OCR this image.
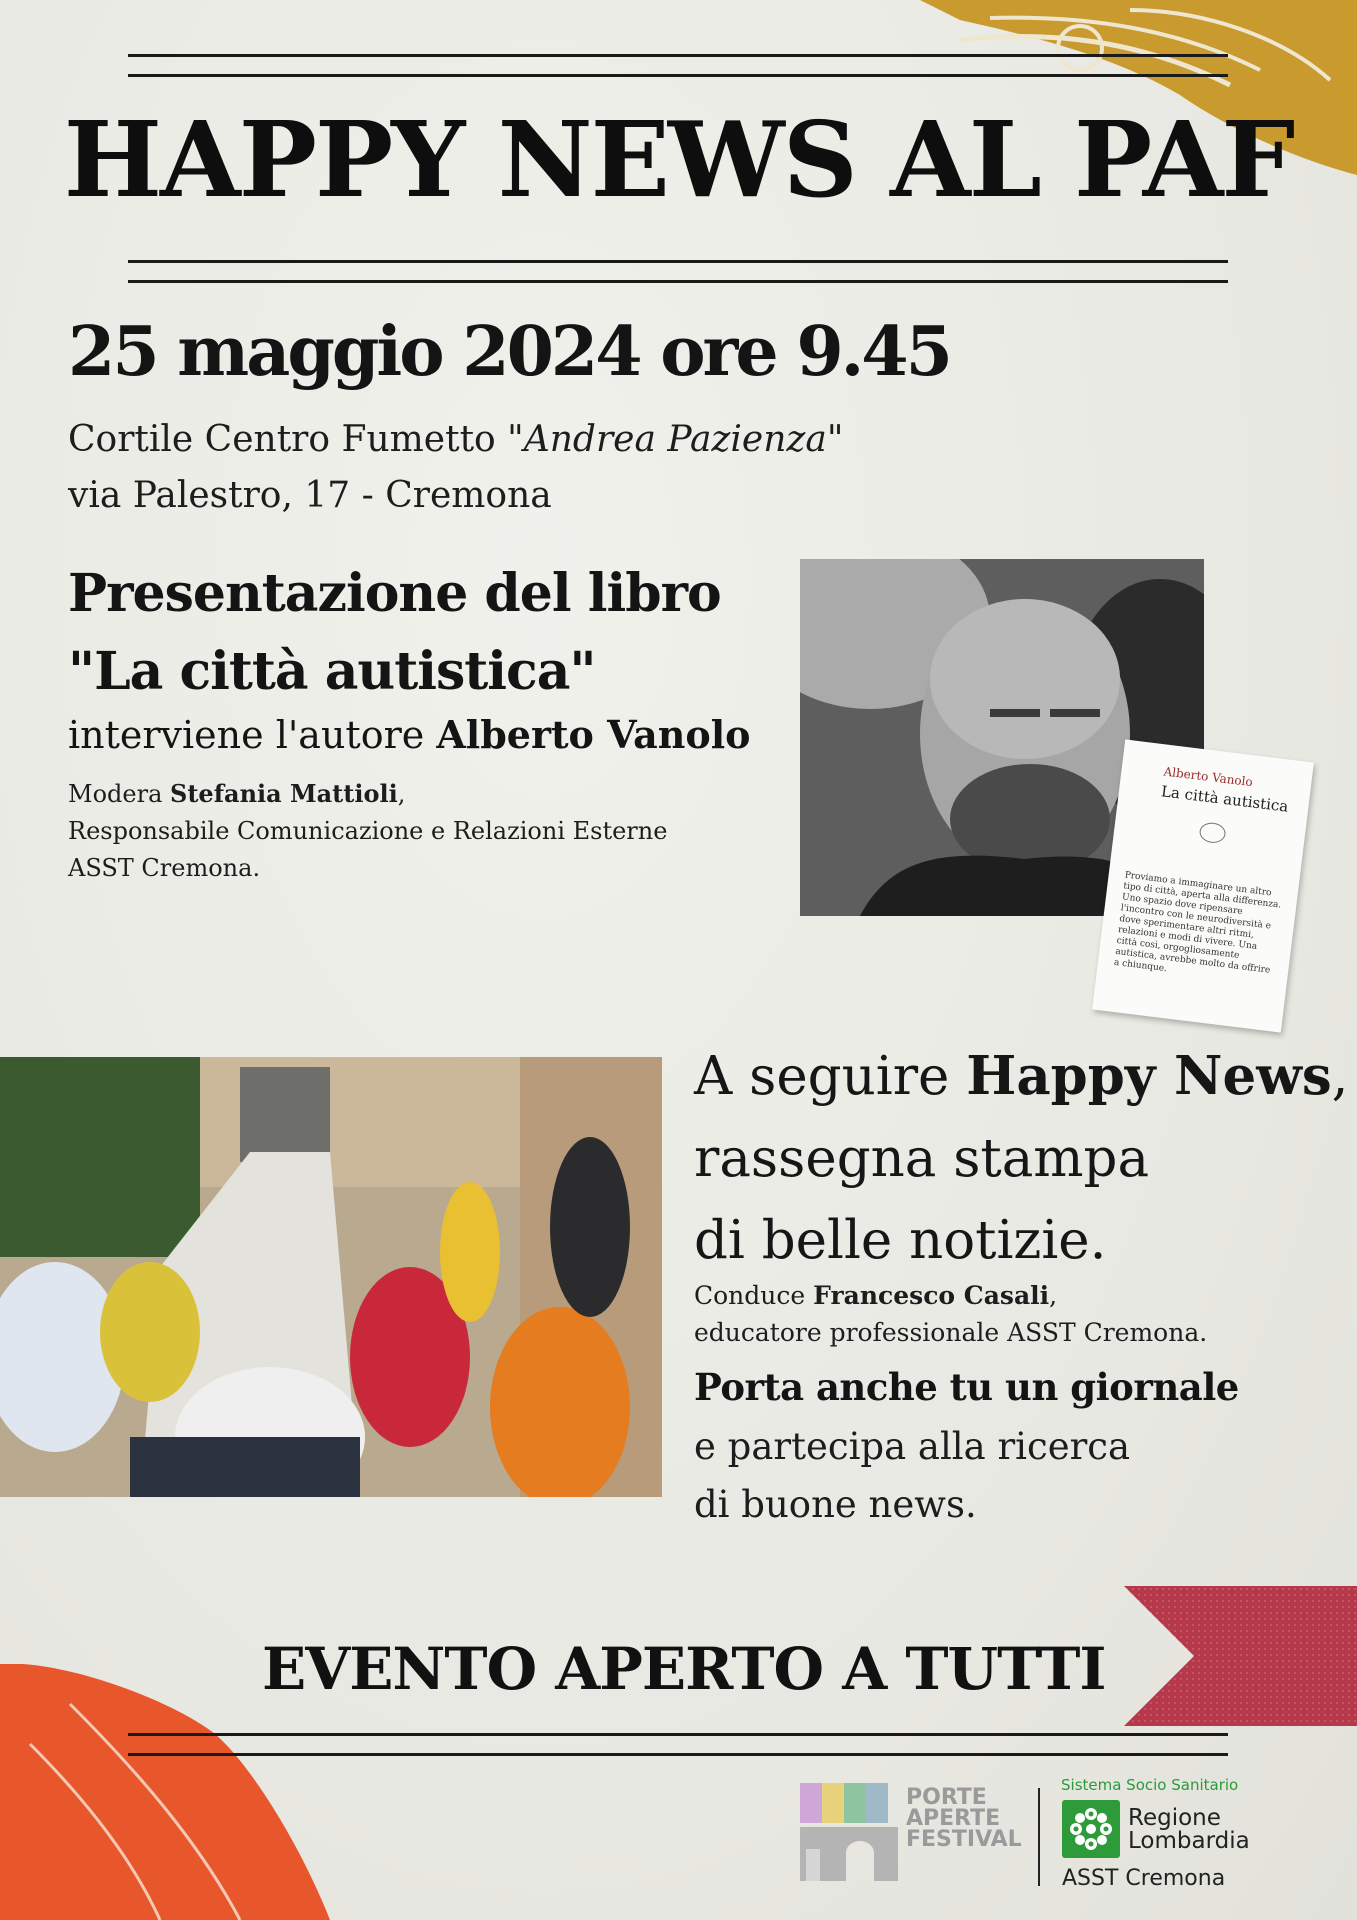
HAPPY NEWS AL PAF
25 maggio 2024 ore 9.45
Cortile Centro Fumetto "Andrea Pazienza"
via Palestro, 17 - Cremona
Presentazione del libro
"La città autistica"
interviene l'autore Alberto Vanolo
Modera Stefania Mattioli,
Responsabile Comunicazione e Relazioni Esterne
ASST Cremona.
Alberto Vanolo
La città autistica
Proviamo a immaginare un altro tipo di città, aperta alla differenza. Uno spazio dove ripensare l'incontro con le neurodiversità e dove sperimentare altri ritmi, relazioni e modi di vivere. Una città così, orgogliosamente autistica, avrebbe molto da offrire a chiunque.
A seguire Happy News,
rassegna stampa
di belle notizie.
Conduce Francesco Casali,
educatore professionale ASST Cremona.
Porta anche tu un giornale
e partecipa alla ricerca
di buone news.
EVENTO APERTO A TUTTI
PORTE
APERTE
FESTIVAL
Sistema Socio Sanitario
Regione
Lombardia
ASST Cremona
